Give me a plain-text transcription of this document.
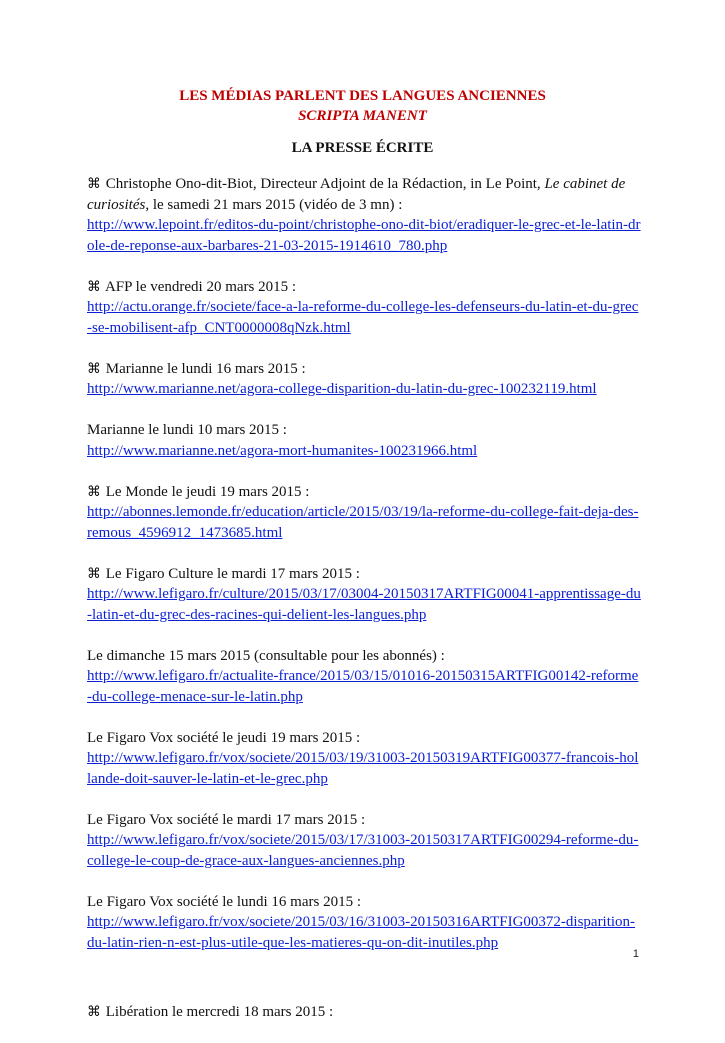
LES MÉDIAS PARLENT DES LANGUES ANCIENNES
SCRIPTA MANENT
LA PRESSE ÉCRITE
⌘ Christophe Ono-dit-Biot, Directeur Adjoint de la Rédaction, in Le Point, Le cabinet de curiosités, le samedi 21 mars 2015 (vidéo de 3 mn) :
http://www.lepoint.fr/editos-du-point/christophe-ono-dit-biot/eradiquer-le-grec-et-le-latin-drole-de-reponse-aux-barbares-21-03-2015-1914610_780.php
⌘ AFP le vendredi 20 mars 2015 :
http://actu.orange.fr/societe/face-a-la-reforme-du-college-les-defenseurs-du-latin-et-du-grec-se-mobilisent-afp_CNT0000008qNzk.html
⌘ Marianne le lundi 16 mars 2015 :
http://www.marianne.net/agora-college-disparition-du-latin-du-grec-100232119.html
Marianne le lundi 10 mars 2015 :
http://www.marianne.net/agora-mort-humanites-100231966.html
⌘ Le Monde le jeudi 19 mars 2015 :
http://abonnes.lemonde.fr/education/article/2015/03/19/la-reforme-du-college-fait-deja-des-remous_4596912_1473685.html
⌘ Le Figaro Culture le mardi 17 mars 2015 :
http://www.lefigaro.fr/culture/2015/03/17/03004-20150317ARTFIG00041-apprentissage-du-latin-et-du-grec-des-racines-qui-delient-les-langues.php
Le dimanche 15 mars 2015 (consultable pour les abonnés) :
http://www.lefigaro.fr/actualite-france/2015/03/15/01016-20150315ARTFIG00142-reforme-du-college-menace-sur-le-latin.php
Le Figaro Vox société le jeudi 19 mars 2015 :
http://www.lefigaro.fr/vox/societe/2015/03/19/31003-20150319ARTFIG00377-francois-hollande-doit-sauver-le-latin-et-le-grec.php
Le Figaro Vox société le mardi 17 mars 2015 :
http://www.lefigaro.fr/vox/societe/2015/03/17/31003-20150317ARTFIG00294-reforme-du-college-le-coup-de-grace-aux-langues-anciennes.php
Le Figaro Vox société le lundi 16 mars 2015 :
http://www.lefigaro.fr/vox/societe/2015/03/16/31003-20150316ARTFIG00372-disparition-du-latin-rien-n-est-plus-utile-que-les-matieres-qu-on-dit-inutiles.php
⌘ Libération le mercredi 18 mars 2015 :
1
